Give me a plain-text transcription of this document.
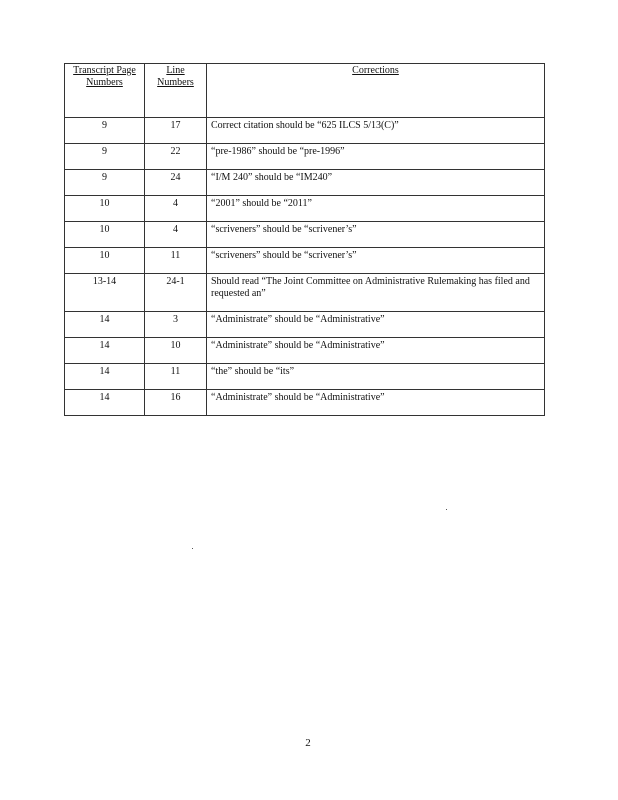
Transcript Page Numbers	Line Numbers	Corrections
9	17	Correct citation should be “625 ILCS 5/13(C)”
9	22	“pre-1986” should be “pre-1996”
9	24	“I/M 240” should be “IM240”
10	4	“2001” should be “2011”
10	4	“scriveners” should be “scrivener’s”
10	11	“scriveners” should be “scrivener’s”
13-14	24-1	Should read “The Joint Committee on Administrative Rulemaking has filed and requested an”
14	3	“Administrate” should be “Administrative”
14	10	“Administrate” should be “Administrative”
14	11	“the” should be “its”
14	16	“Administrate” should be “Administrative”
2
